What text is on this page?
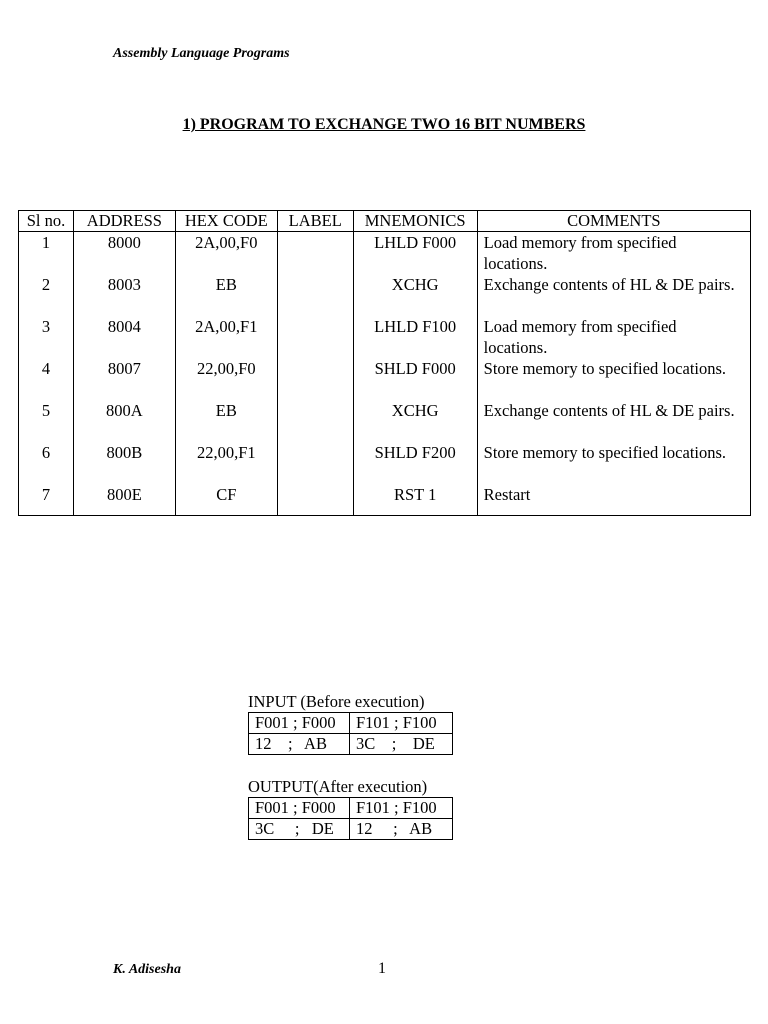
Assembly Language Programs
1) PROGRAM TO EXCHANGE TWO 16 BIT NUMBERS
Sl no.	ADDRESS	HEX CODE	LABEL	MNEMONICS	COMMENTS
1	8000	2A,00,F0		LHLD F000	Load memory from specified locations.
2	8003	EB		XCHG	Exchange contents of HL & DE pairs.
3	8004	2A,00,F1		LHLD F100	Load memory from specified locations.
4	8007	22,00,F0		SHLD F000	Store memory to specified locations.
5	800A	EB		XCHG	Exchange contents of HL & DE pairs.
6	800B	22,00,F1		SHLD F200	Store memory to specified locations.
7	800E	CF		RST 1	Restart
INPUT (Before execution)
F001 ; F000	F101 ; F100
12    ;   AB	3C    ;    DE
OUTPUT(After execution)
F001 ; F000	F101 ; F100
3C     ;   DE	12     ;   AB
K. Adisesha	1
